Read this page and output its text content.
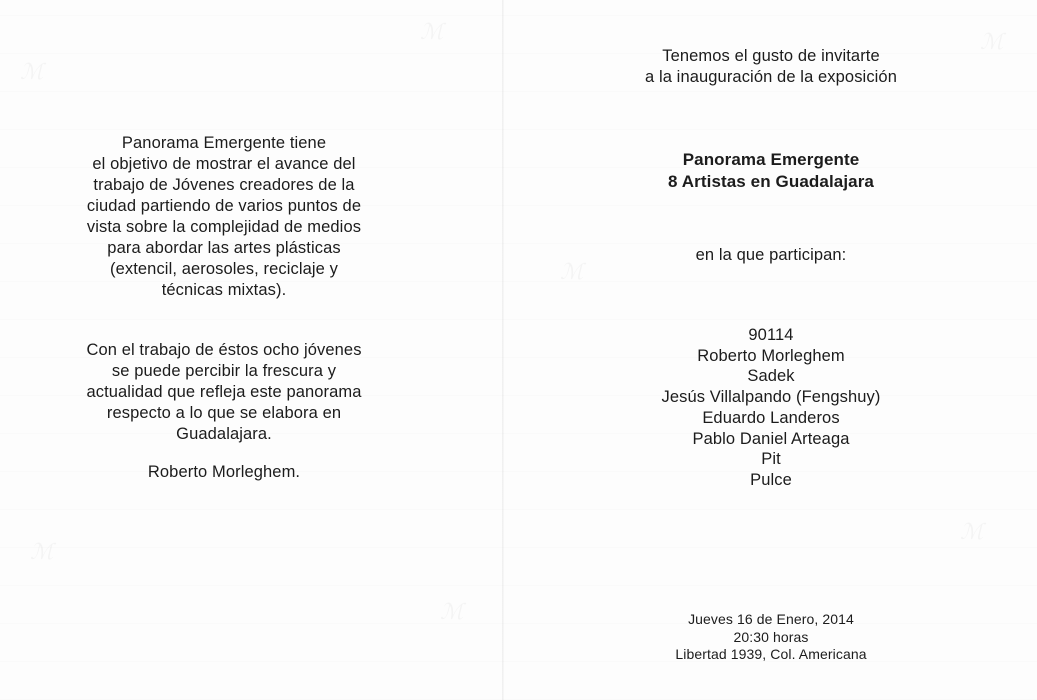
Panorama Emergente tiene
el objetivo de mostrar el avance del
trabajo de Jóvenes creadores de la
ciudad partiendo de varios puntos de
vista sobre la complejidad de medios
para abordar las artes plásticas
(extencil, aerosoles, reciclaje y
técnicas mixtas).

Con el trabajo de éstos ocho jóvenes
se puede percibir la frescura y
actualidad que refleja este panorama
respecto a lo que se elabora en
Guadalajara.

Roberto Morleghem.

Tenemos el gusto de invitarte
a la inauguración de la exposición

Panorama Emergente
8 Artistas en Guadalajara

en la que participan:

90114
Roberto Morleghem
Sadek
Jesús Villalpando (Fengshuy)
Eduardo Landeros
Pablo Daniel Arteaga
Pit
Pulce

Jueves 16 de Enero, 2014
20:30 horas
Libertad 1939, Col. Americana
